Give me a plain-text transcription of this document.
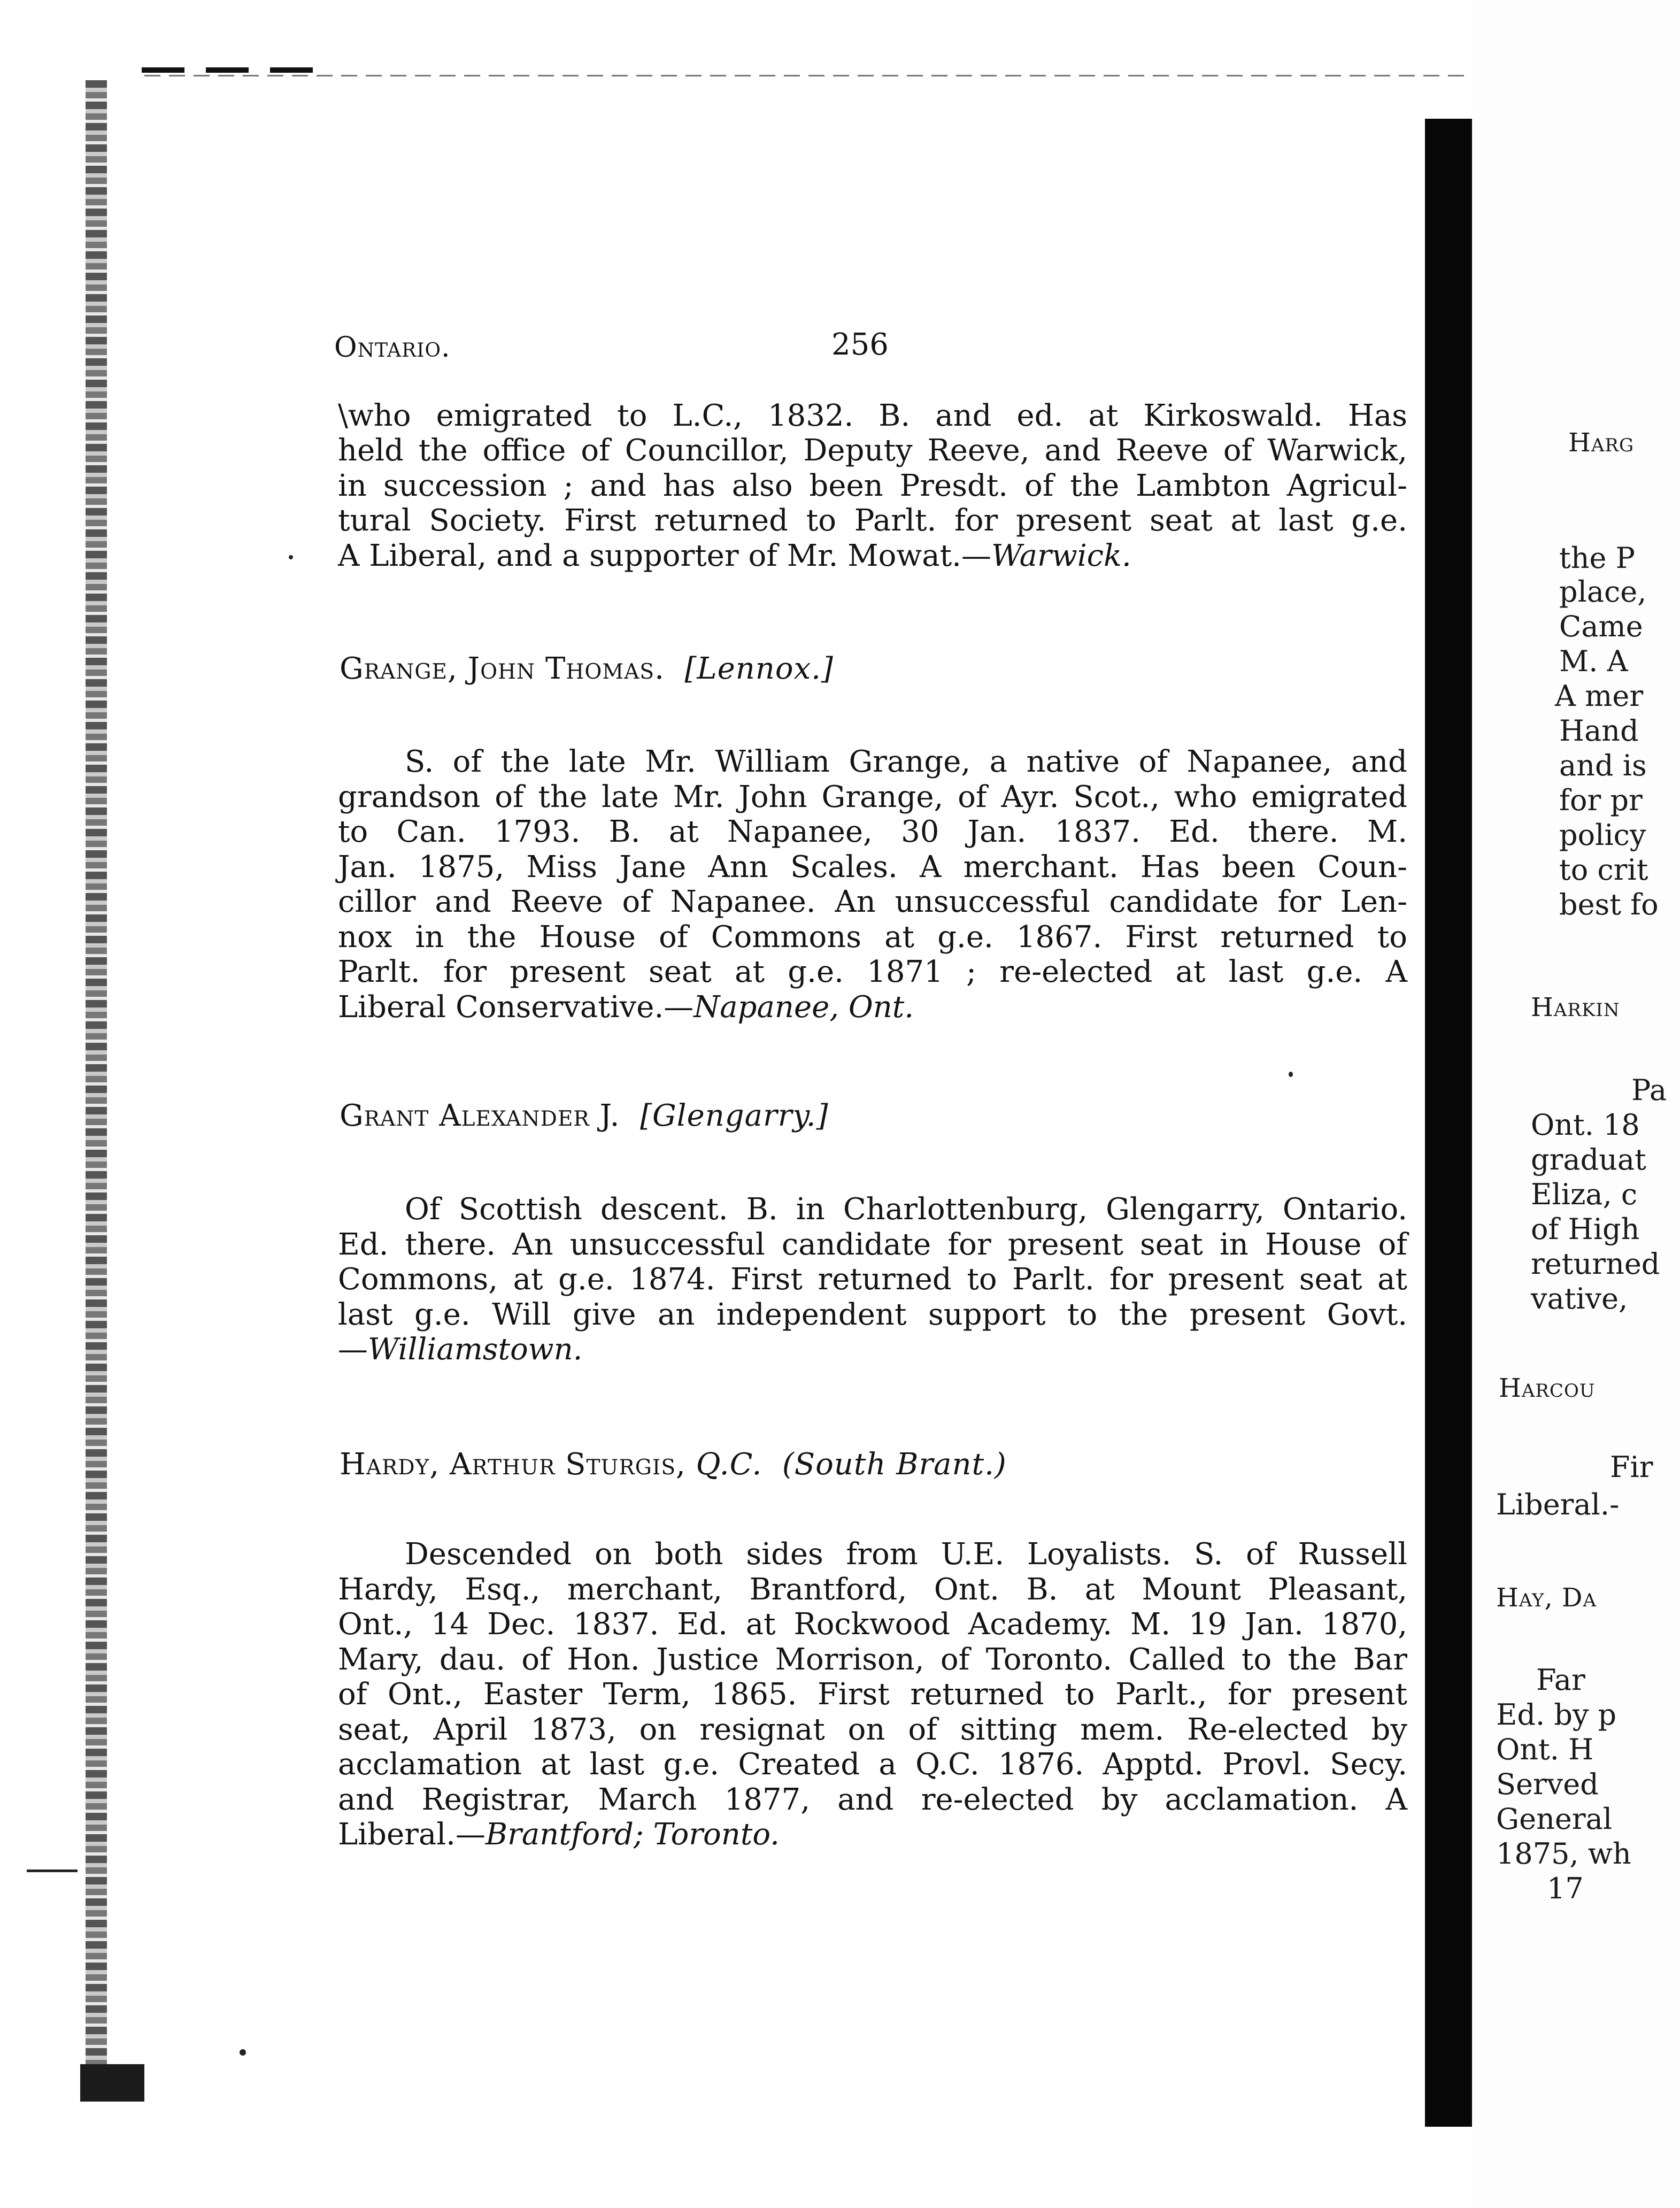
Ontario.	256

\who emigrated to L.C., 1832. B. and ed. at Kirkoswald. Has

held the office of Councillor, Deputy Reeve, and Reeve of Warwick,

in succession ; and has also been Presdt. of the Lambton Agricul-

tural Society. First returned to Parlt. for present seat at last g.e.

A Liberal, and a supporter of Mr. Mowat.—Warwick.

Grange, John Thomas. [Lennox.]

S. of the late Mr. William Grange, a native of Napanee, and

grandson of the late Mr. John Grange, of Ayr. Scot., who emigrated

to Can. 1793. B. at Napanee, 30 Jan. 1837. Ed. there. M.

Jan. 1875, Miss Jane Ann Scales. A merchant. Has been Coun-

cillor and Reeve of Napanee. An unsuccessful candidate for Len-

nox in the House of Commons at g.e. 1867. First returned to

Parlt. for present seat at g.e. 1871 ; re-elected at last g.e. A

Liberal Conservative.—Napanee, Ont.

Grant Alexander J. [Glengarry.]

Of Scottish descent. B. in Charlottenburg, Glengarry, Ontario.

Ed. there. An unsuccessful candidate for present seat in House of

Commons, at g.e. 1874. First returned to Parlt. for present seat at

last g.e. Will give an independent support to the present Govt.

—Williamstown.

Hardy, Arthur Sturgis, Q.C. (South Brant.)

Descended on both sides from U.E. Loyalists. S. of Russell

Hardy, Esq., merchant, Brantford, Ont. B. at Mount Pleasant,

Ont., 14 Dec. 1837. Ed. at Rockwood Academy. M. 19 Jan. 1870,

Mary, dau. of Hon. Justice Morrison, of Toronto. Called to the Bar

of Ont., Easter Term, 1865. First returned to Parlt., for present

seat, April 1873, on resignat on of sitting mem. Re-elected by

acclamation at last g.e. Created a Q.C. 1876. Apptd. Provl. Secy.

and Registrar, March 1877, and re-elected by acclamation. A

Liberal.—Brantford; Toronto.

Harg
the P
place,
Came
M. A
A mer
Hand
and is
for pr
policy
to crit
best fo
Harkin
Pa
Ont. 18
graduat
Eliza, c
of High
returned
vative,
Harcou
Fir
Liberal.-
Hay, Da
Far
Ed. by p
Ont. H
Served
General
1875, wh
17
